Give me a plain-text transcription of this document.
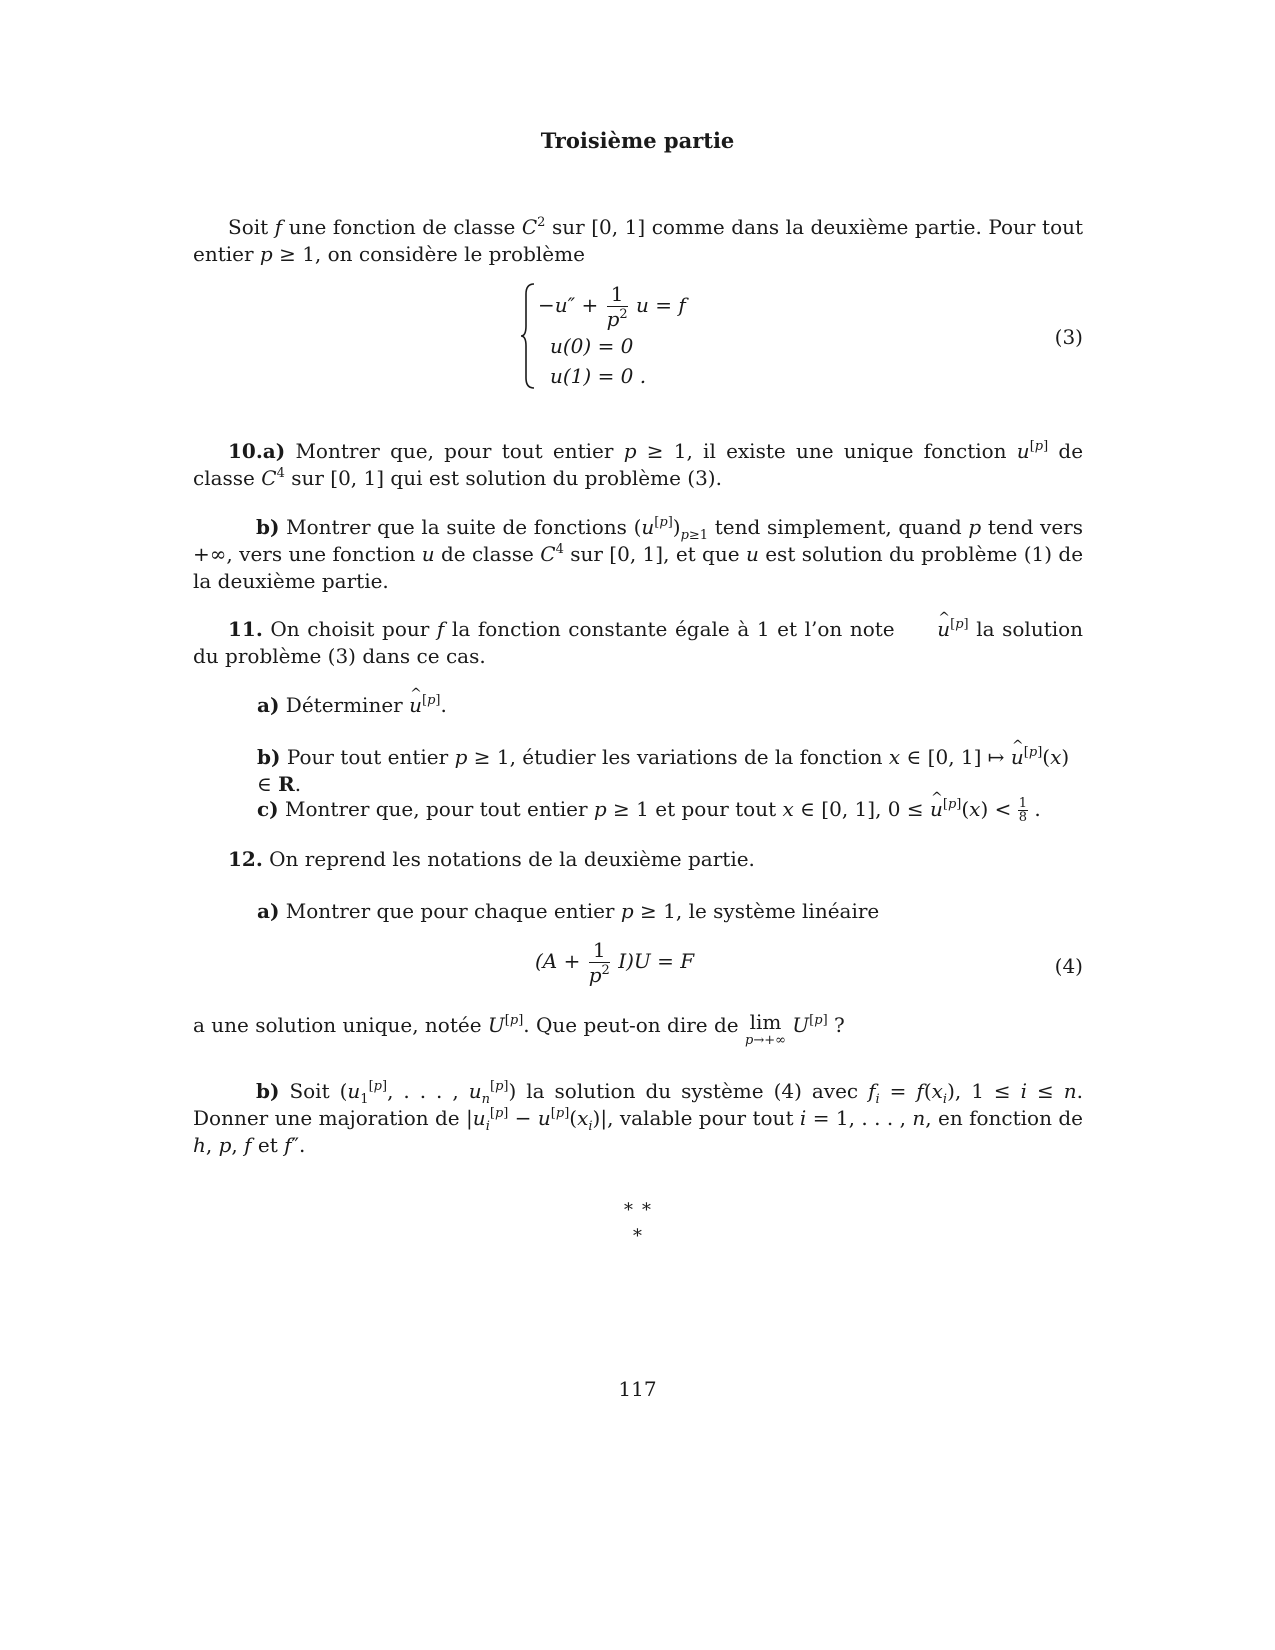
Troisième partie
Soit f une fonction de classe $C^2$ sur [0, 1] comme dans la deuxième partie. Pour tout entier p ≥ 1, on considère le problème
$-u'' + \frac{1}{p^2}$ u = f
u(0) = 0
u(1) = 0 .
(3)
10.a) Montrer que, pour tout entier p ≥ 1, il existe une unique fonction u[p] de classe $C^4$ sur [0, 1] qui est solution du problème (3).
b) Montrer que la suite de fonctions $(u[p])_{p\ge 1}$ tend simplement, quand p tend vers +∞, vers une fonction u de classe $C^4$ sur [0, 1], et que u est solution du problème (1) de la deuxième partie.
11. On choisit pour f la fonction constante égale à 1 et l’on note ^ u[p] la solution du problème (3) dans ce cas.
a) Déterminer ^ u[p].
b) Pour tout entier p ≥ 1, étudier les variations de la fonction x ∈ [0, 1] ↦ ^ u[p](x) ∈ R.
c) Montrer que, pour tout entier p ≥ 1 et pour tout x ∈ [0, 1], 0 ≤ ^ $u[p](x) < \frac{1}{8}$ .
12. On reprend les notations de la deuxième partie.
a) Montrer que pour chaque entier p ≥ 1, le système linéaire
$(A + \frac{1}{p^2} I)U = F$	(4)
a une solution unique, notée U[p]. Que peut-on dire de lim
p→+∞
U[p] ?
b) Soit ($u_1[p]$, . . . , $u_n[p]$) la solution du système (4) avec $f_i = f(x_i)$, 1 ≤ i ≤ n. Donner une majoration de $|u_i[p] - u[p](x_i)|$, valable pour tout i = 1, . . . , n, en fonction de h, p, f et f″.
∗ ∗
∗
117
